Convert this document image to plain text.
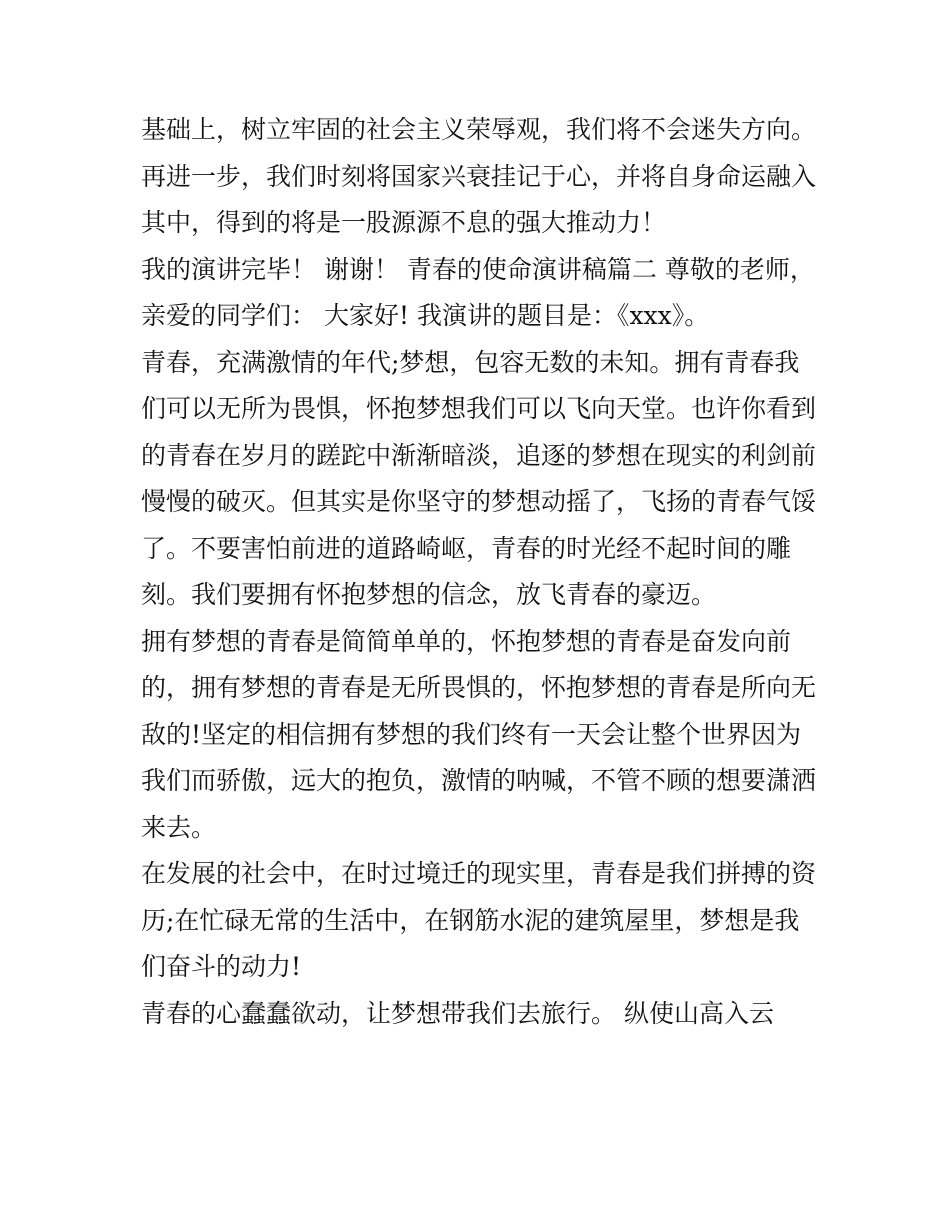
基础上，树立牢固的社会主义荣辱观，我们将不会迷失方向。
再进一步，我们时刻将国家兴衰挂记于心，并将自身命运融入
其中，得到的将是一股源源不息的强大推动力！
我的演讲完毕！ 谢谢！ 青春的使命演讲稿篇二 尊敬的老师，
亲爱的同学们： 大家好! 我演讲的题目是：《xxx》。
青春，充满激情的年代;梦想，包容无数的未知。拥有青春我
们可以无所为畏惧，怀抱梦想我们可以飞向天堂。也许你看到
的青春在岁月的蹉跎中渐渐暗淡，追逐的梦想在现实的利剑前
慢慢的破灭。但其实是你坚守的梦想动摇了，飞扬的青春气馁
了。不要害怕前进的道路崎岖，青春的时光经不起时间的雕
刻。我们要拥有怀抱梦想的信念，放飞青春的豪迈。
拥有梦想的青春是简简单单的，怀抱梦想的青春是奋发向前
的，拥有梦想的青春是无所畏惧的，怀抱梦想的青春是所向无
敌的!坚定的相信拥有梦想的我们终有一天会让整个世界因为
我们而骄傲，远大的抱负，激情的呐喊，不管不顾的想要潇洒
来去。
在发展的社会中，在时过境迁的现实里，青春是我们拼搏的资
历;在忙碌无常的生活中，在钢筋水泥的建筑屋里，梦想是我
们奋斗的动力!
青春的心蠢蠢欲动，让梦想带我们去旅行。 纵使山高入云
